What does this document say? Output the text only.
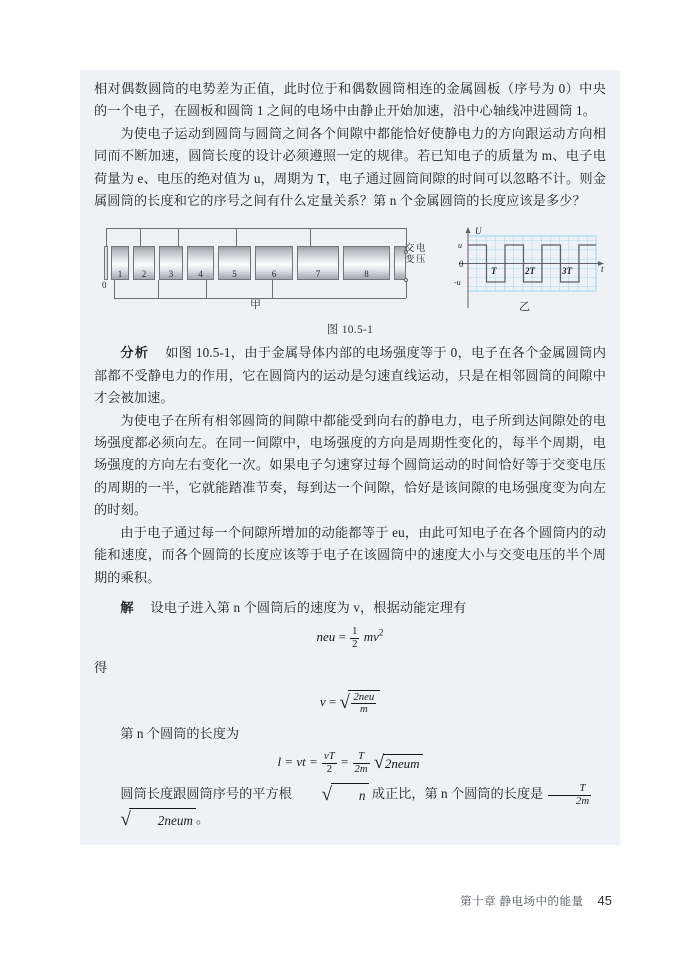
相对偶数圆筒的电势差为正值，此时位于和偶数圆筒相连的金属圆板（序号为 0）中央的一个电子，在圆板和圆筒 1 之间的电场中由静止开始加速，沿中心轴线冲进圆筒 1。

为使电子运动到圆筒与圆筒之间各个间隙中都能恰好使静电力的方向跟运动方向相同而不断加速，圆筒长度的设计必须遵照一定的规律。若已知电子的质量为 m、电子电荷量为 e、电压的绝对值为 u，周期为 T，电子通过圆筒间隙的时间可以忽略不计。则金属圆筒的长度和它的序号之间有什么定量关系？第 n 个金属圆筒的长度应该是多少？

0
1	2	3	4	5	6	7	8
交变电压
甲
U
t
u
0
-u
T	2T	3T
乙
图 10.5-1

分析 如图 10.5-1，由于金属导体内部的电场强度等于 0，电子在各个金属圆筒内部都不受静电力的作用，它在圆筒内的运动是匀速直线运动，只是在相邻圆筒的间隙中才会被加速。

为使电子在所有相邻圆筒的间隙中都能受到向右的静电力，电子所到达间隙处的电场强度都必须向左。在同一间隙中，电场强度的方向是周期性变化的，每半个周期，电场强度的方向左右变化一次。如果电子匀速穿过每个圆筒运动的时间恰好等于交变电压的周期的一半，它就能踏准节奏，每到达一个间隙，恰好是该间隙的电场强度变为向左的时刻。

由于电子通过每一个间隙所增加的动能都等于 eu，由此可知电子在各个圆筒内的动能和速度，而各个圆筒的长度应该等于电子在该圆筒中的速度大小与交变电压的半个周期的乘积。

解 设电子进入第 n 个圆筒后的速度为 v，根据动能定理有

neu = $\frac{1}{2} mv^2$
得
v = √ $\frac{\text{2neu}}{m}$
第 n 个圆筒的长度为
l = vt = $\frac{vT}{2} = \frac{T}{2m}$
√ 2neum
圆筒长度跟圆筒序号的平方根	√ n 成正比，第 n 个圆筒的长度是 $\frac{T}{2m}$

√ 2neum 。
第十章 静电场中的能量 45
